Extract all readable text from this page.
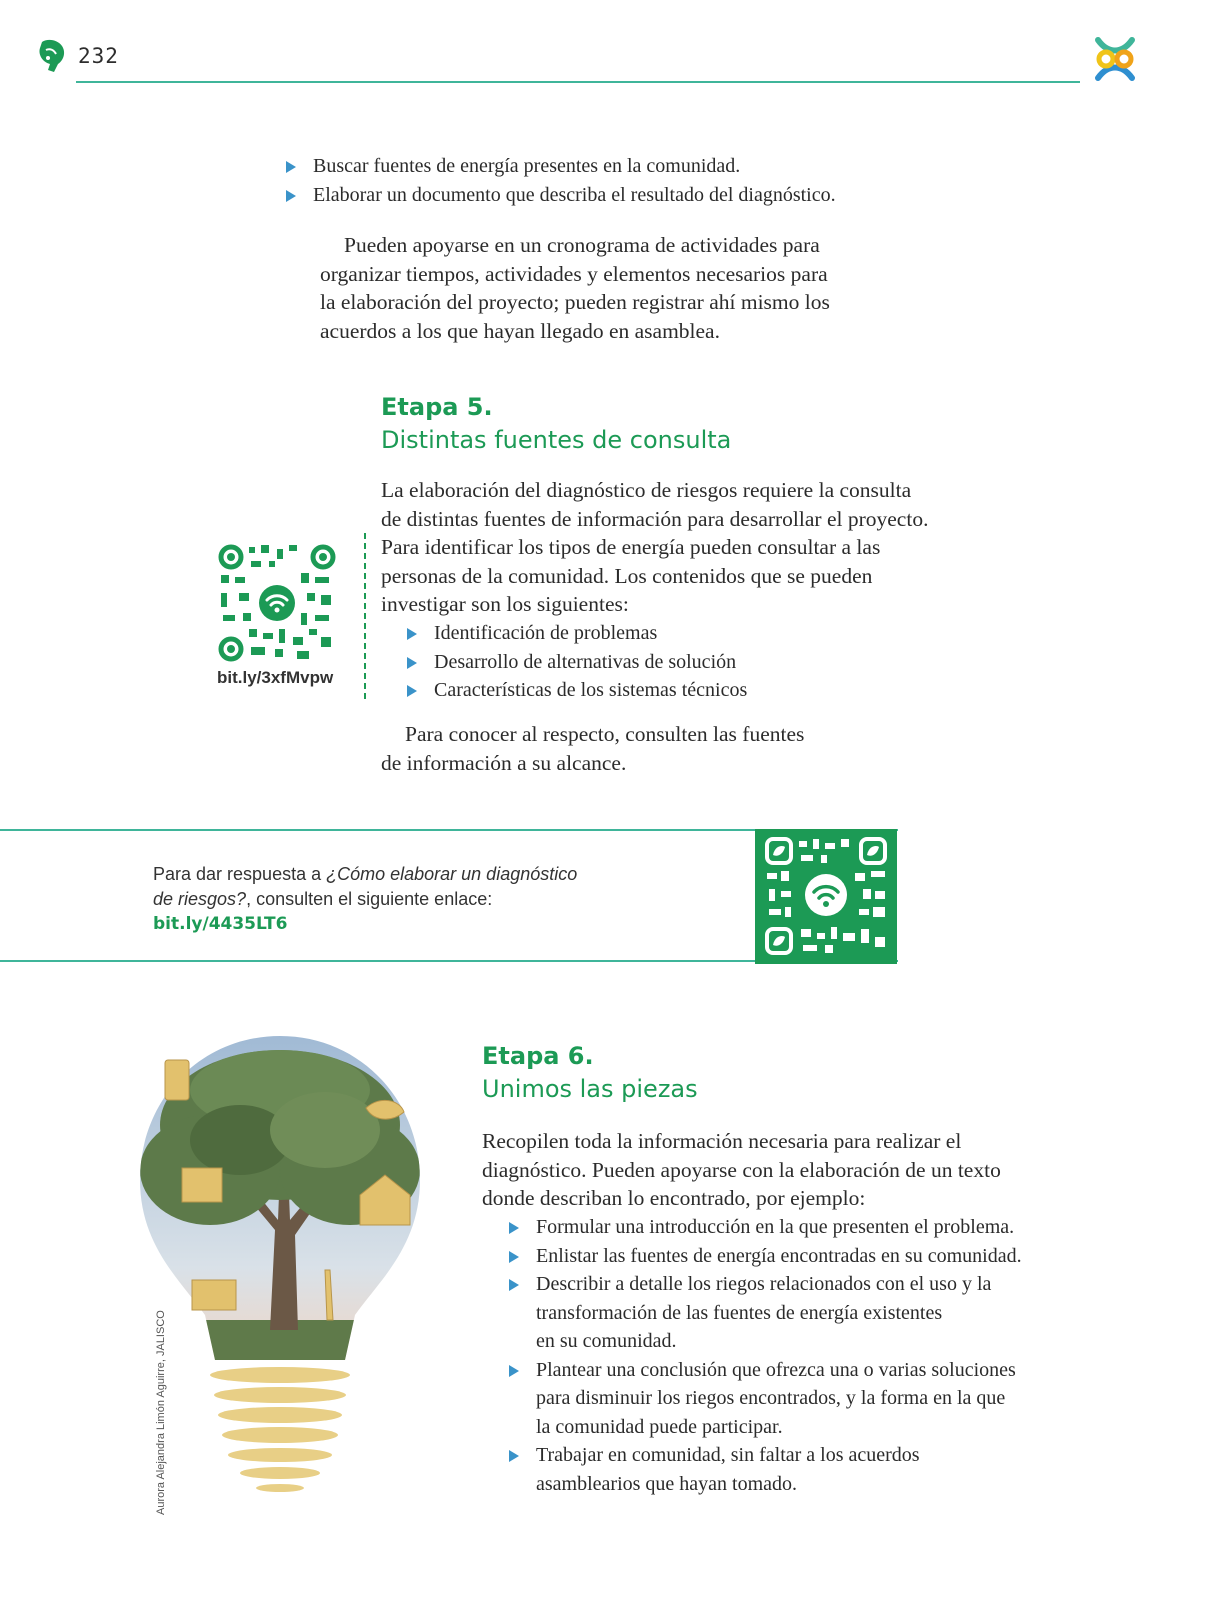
232
Buscar fuentes de energía presentes en la comunidad.
Elaborar un documento que describa el resultado del diagnóstico.
Pueden apoyarse en un cronograma de actividades para
organizar tiempos, actividades y elementos necesarios para
la elaboración del proyecto; pueden registrar ahí mismo los
acuerdos a los que hayan llegado en asamblea.
Etapa 5.
Distintas fuentes de consulta
La elaboración del diagnóstico de riesgos requiere la consulta
de distintas fuentes de información para desarrollar el proyecto.
Para identificar los tipos de energía pueden consultar a las
personas de la comunidad. Los contenidos que se pueden
investigar son los siguientes:
Identificación de problemas
Desarrollo de alternativas de solución
Características de los sistemas técnicos
Para conocer al respecto, consulten las fuentes
de información a su alcance.
bit.ly/3xfMvpw
Para dar respuesta a ¿Cómo elaborar un diagnóstico
de riesgos?, consulten el siguiente enlace:
bit.ly/4435LT6
Aurora Alejandra Limón Aguirre, JALISCO
Etapa 6.
Unimos las piezas
Recopilen toda la información necesaria para realizar el
diagnóstico. Pueden apoyarse con la elaboración de un texto
donde describan lo encontrado, por ejemplo:
Formular una introducción en la que presenten el problema.
Enlistar las fuentes de energía encontradas en su comunidad.
Describir a detalle los riegos relacionados con el uso y la
transformación de las fuentes de energía existentes
en su comunidad.
Plantear una conclusión que ofrezca una o varias soluciones
para disminuir los riegos encontrados, y la forma en la que
la comunidad puede participar.
Trabajar en comunidad, sin faltar a los acuerdos
asamblearios que hayan tomado.
